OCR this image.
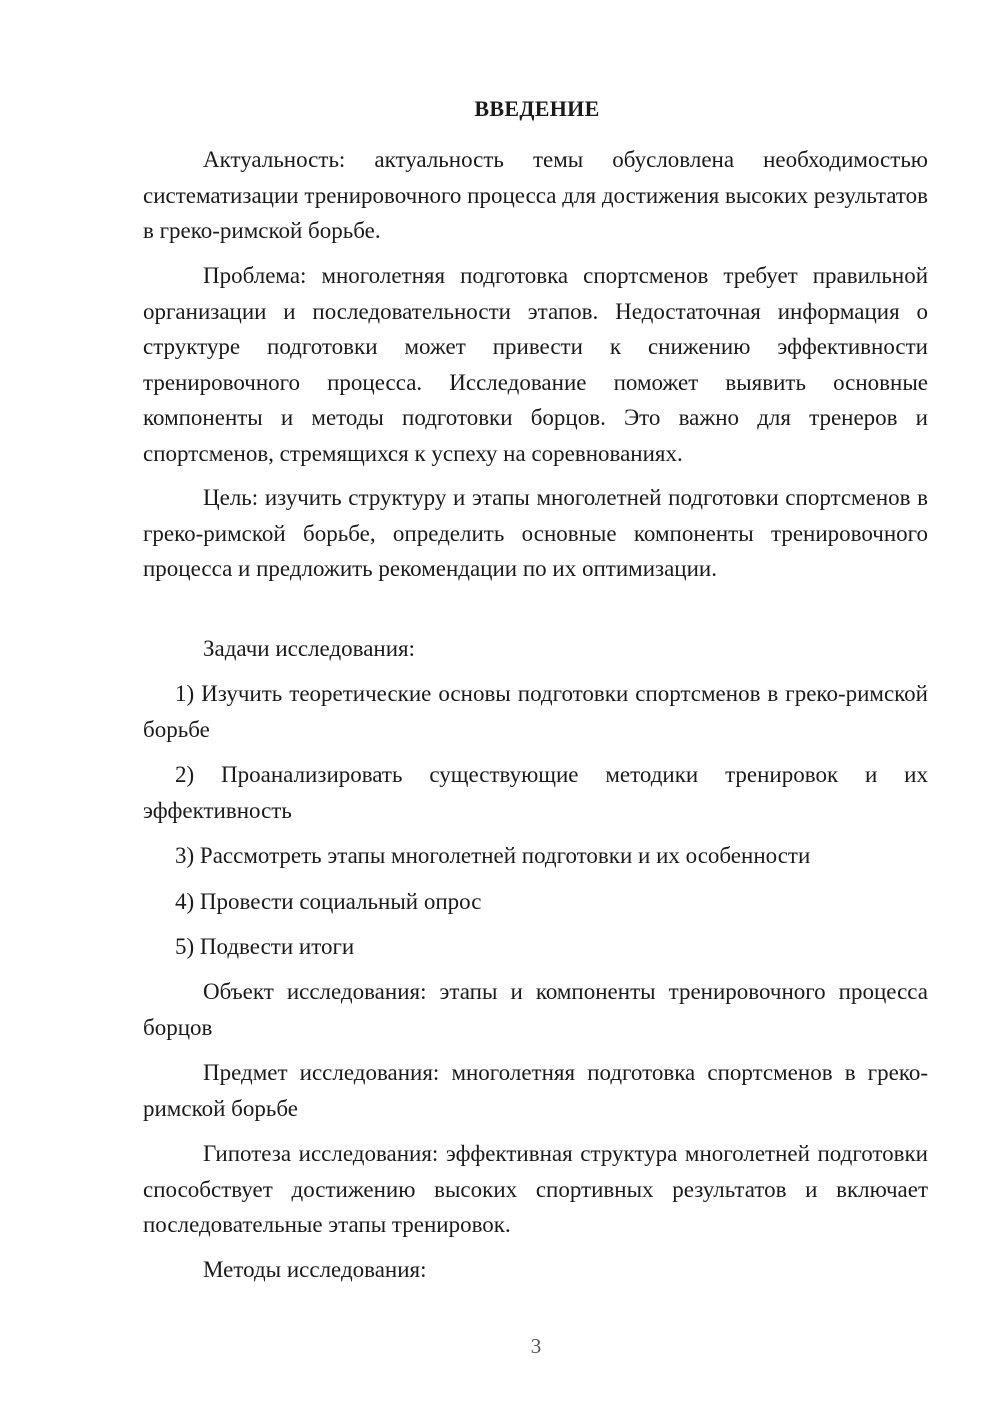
ВВЕДЕНИЕ

Актуальность: актуальность темы обусловлена необходимостью систематизации тренировочного процесса для достижения высоких результатов в греко-римской борьбе.

Проблема: многолетняя подготовка спортсменов требует правильной организации и последовательности этапов. Недостаточная информация о структуре подготовки может привести к снижению эффективности тренировочного процесса. Исследование поможет выявить основные компоненты и методы подготовки борцов. Это важно для тренеров и спортсменов, стремящихся к успеху на соревнованиях.

Цель: изучить структуру и этапы многолетней подготовки спортсменов в греко-римской борьбе, определить основные компоненты тренировочного процесса и предложить рекомендации по их оптимизации.

Задачи исследования:

1) Изучить теоретические основы подготовки спортсменов в греко-римской борьбе

2) Проанализировать существующие методики тренировок и их эффективность

3) Рассмотреть этапы многолетней подготовки и их особенности

4) Провести социальный опрос

5) Подвести итоги

Объект исследования: этапы и компоненты тренировочного процесса борцов

Предмет исследования: многолетняя подготовка спортсменов в греко-римской борьбе

Гипотеза исследования: эффективная структура многолетней подготовки способствует достижению высоких спортивных результатов и включает последовательные этапы тренировок.

Методы исследования:

3
